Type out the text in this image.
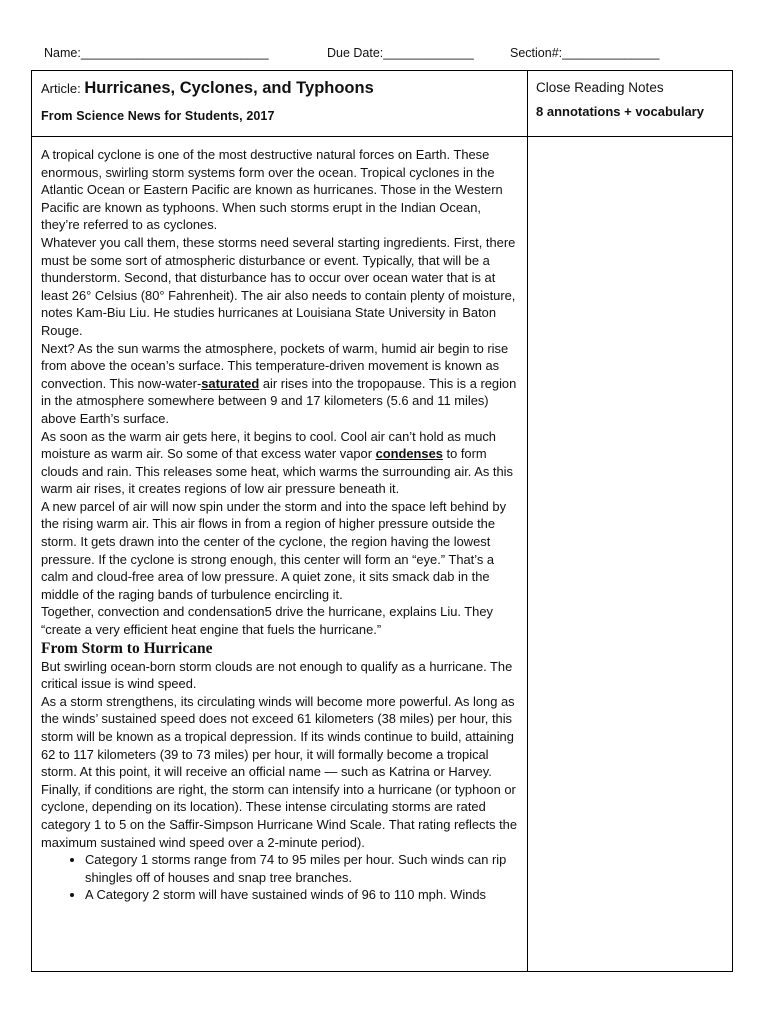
Name:___________________________	Due Date:_____________	Section#:______________
Article: Hurricanes, Cyclones, and Typhoons
From Science News for Students, 2017
Close Reading Notes
8 annotations + vocabulary

A tropical cyclone is one of the most destructive natural forces on Earth. These enormous, swirling storm systems form over the ocean. Tropical cyclones in the Atlantic Ocean or Eastern Pacific are known as hurricanes. Those in the Western Pacific are known as typhoons. When such storms erupt in the Indian Ocean, they’re referred to as cyclones.

Whatever you call them, these storms need several starting ingredients. First, there must be some sort of atmospheric disturbance or event. Typically, that will be a thunderstorm. Second, that disturbance has to occur over ocean water that is at least 26° Celsius (80° Fahrenheit). The air also needs to contain plenty of moisture, notes Kam-Biu Liu. He studies hurricanes at Louisiana State University in Baton Rouge.

Next? As the sun warms the atmosphere, pockets of warm, humid air begin to rise from above the ocean’s surface. This temperature-driven movement is known as convection. This now-water-saturated air rises into the tropopause. This is a region in the atmosphere somewhere between 9 and 17 kilometers (5.6 and 11 miles) above Earth’s surface.

As soon as the warm air gets here, it begins to cool. Cool air can’t hold as much moisture as warm air. So some of that excess water vapor condenses to form clouds and rain. This releases some heat, which warms the surrounding air. As this warm air rises, it creates regions of low air pressure beneath it.

A new parcel of air will now spin under the storm and into the space left behind by the rising warm air. This air flows in from a region of higher pressure outside the storm. It gets drawn into the center of the cyclone, the region having the lowest pressure. If the cyclone is strong enough, this center will form an “eye.” That’s a calm and cloud-free area of low pressure. A quiet zone, it sits smack dab in the middle of the raging bands of turbulence encircling it.

Together, convection and condensation5 drive the hurricane, explains Liu. They “create a very efficient heat engine that fuels the hurricane.”

From Storm to Hurricane

But swirling ocean-born storm clouds are not enough to qualify as a hurricane. The critical issue is wind speed.

As a storm strengthens, its circulating winds will become more powerful. As long as the winds’ sustained speed does not exceed 61 kilometers (38 miles) per hour, this storm will be known as a tropical depression. If its winds continue to build, attaining 62 to 117 kilometers (39 to 73 miles) per hour, it will formally become a tropical storm. At this point, it will receive an official name — such as Katrina or Harvey.

Finally, if conditions are right, the storm can intensify into a hurricane (or typhoon or cyclone, depending on its location). These intense circulating storms are rated category 1 to 5 on the Saffir-Simpson Hurricane Wind Scale. That rating reflects the maximum sustained wind speed over a 2-minute period).

• Category 1 storms range from 74 to 95 miles per hour. Such winds can rip shingles off of houses and snap tree branches.
• A Category 2 storm will have sustained winds of 96 to 110 mph. Winds
